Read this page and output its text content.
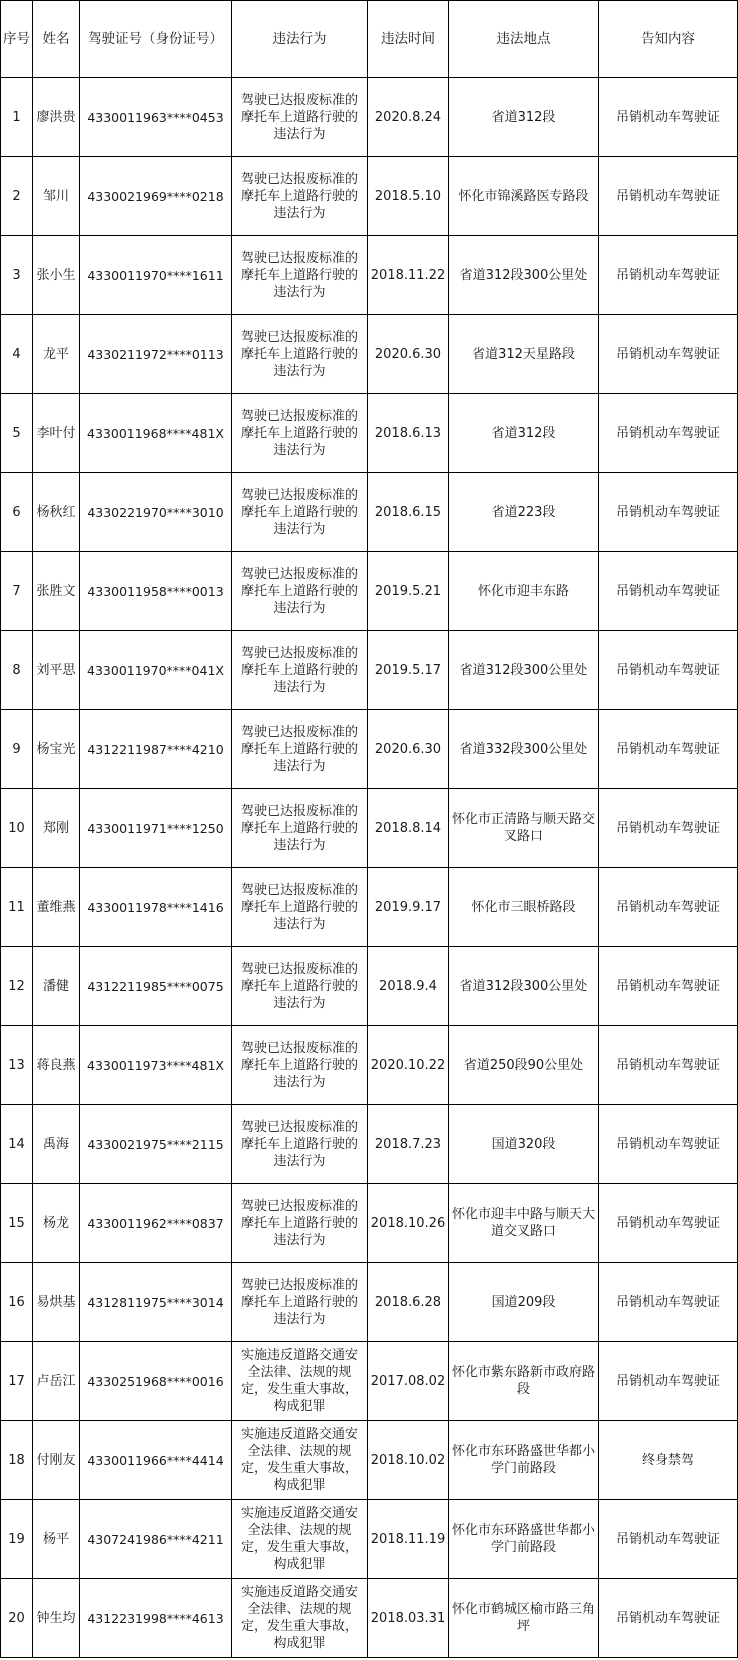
序号	姓名	驾驶证号（身份证号）	违法行为	违法时间	违法地点	告知内容
1	廖洪贵	4330011963****0453	驾驶已达报废标准的摩托车上道路行驶的违法行为	2020.8.24	省道312段	吊销机动车驾驶证
2	邹川	4330021969****0218	驾驶已达报废标准的摩托车上道路行驶的违法行为	2018.5.10	怀化市锦溪路医专路段	吊销机动车驾驶证
3	张小生	4330011970****1611	驾驶已达报废标准的摩托车上道路行驶的违法行为	2018.11.22	省道312段300公里处	吊销机动车驾驶证
4	龙平	4330211972****0113	驾驶已达报废标准的摩托车上道路行驶的违法行为	2020.6.30	省道312天星路段	吊销机动车驾驶证
5	李叶付	4330011968****481X	驾驶已达报废标准的摩托车上道路行驶的违法行为	2018.6.13	省道312段	吊销机动车驾驶证
6	杨秋红	4330221970****3010	驾驶已达报废标准的摩托车上道路行驶的违法行为	2018.6.15	省道223段	吊销机动车驾驶证
7	张胜文	4330011958****0013	驾驶已达报废标准的摩托车上道路行驶的违法行为	2019.5.21	怀化市迎丰东路	吊销机动车驾驶证
8	刘平思	4330011970****041X	驾驶已达报废标准的摩托车上道路行驶的违法行为	2019.5.17	省道312段300公里处	吊销机动车驾驶证
9	杨宝光	4312211987****4210	驾驶已达报废标准的摩托车上道路行驶的违法行为	2020.6.30	省道332段300公里处	吊销机动车驾驶证
10	郑刚	4330011971****1250	驾驶已达报废标准的摩托车上道路行驶的违法行为	2018.8.14	怀化市正清路与顺天路交叉路口	吊销机动车驾驶证
11	董维燕	4330011978****1416	驾驶已达报废标准的摩托车上道路行驶的违法行为	2019.9.17	怀化市三眼桥路段	吊销机动车驾驶证
12	潘健	4312211985****0075	驾驶已达报废标准的摩托车上道路行驶的违法行为	2018.9.4	省道312段300公里处	吊销机动车驾驶证
13	蒋良燕	4330011973****481X	驾驶已达报废标准的摩托车上道路行驶的违法行为	2020.10.22	省道250段90公里处	吊销机动车驾驶证
14	禹海	4330021975****2115	驾驶已达报废标准的摩托车上道路行驶的违法行为	2018.7.23	国道320段	吊销机动车驾驶证
15	杨龙	4330011962****0837	驾驶已达报废标准的摩托车上道路行驶的违法行为	2018.10.26	怀化市迎丰中路与顺天大道交叉路口	吊销机动车驾驶证
16	易烘基	4312811975****3014	驾驶已达报废标准的摩托车上道路行驶的违法行为	2018.6.28	国道209段	吊销机动车驾驶证
17	卢岳江	4330251968****0016	实施违反道路交通安全法律、法规的规定，发生重大事故，构成犯罪	2017.08.02	怀化市紫东路新市政府路段	吊销机动车驾驶证
18	付刚友	4330011966****4414	实施违反道路交通安全法律、法规的规定，发生重大事故，构成犯罪	2018.10.02	怀化市东环路盛世华都小学门前路段	终身禁驾
19	杨平	4307241986****4211	实施违反道路交通安全法律、法规的规定，发生重大事故，构成犯罪	2018.11.19	怀化市东环路盛世华都小学门前路段	吊销机动车驾驶证
20	钟生均	4312231998****4613	实施违反道路交通安全法律、法规的规定，发生重大事故，构成犯罪	2018.03.31	怀化市鹤城区榆市路三角坪	吊销机动车驾驶证
